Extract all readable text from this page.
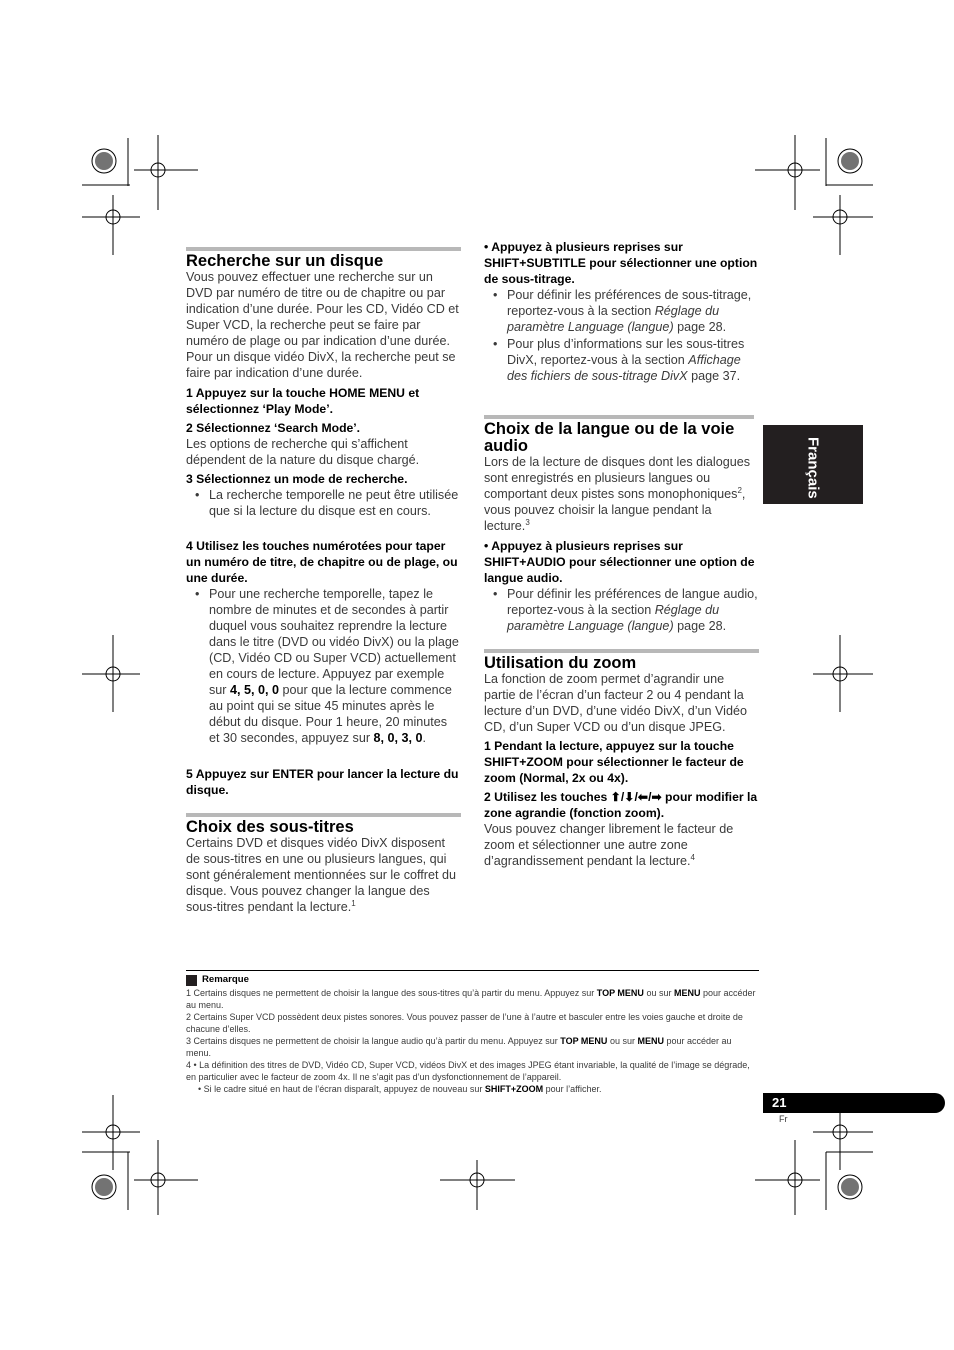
Recherche sur un disque

Vous pouvez effectuer une recherche sur un DVD par numéro de titre ou de chapitre ou par indication d’une durée. Pour les CD, Vidéo CD et Super VCD, la recherche peut se faire par numéro de plage ou par indication d’une durée. Pour un disque vidéo DivX, la recherche peut se faire par indication d’une durée.

1 Appuyez sur la touche HOME MENU et sélectionnez ‘Play Mode’.

2 Sélectionnez ‘Search Mode’.

Les options de recherche qui s’affichent dépendent de la nature du disque chargé.

3 Sélectionnez un mode de recherche.

• La recherche temporelle ne peut être utilisée que si la lecture du disque est en cours.

4 Utilisez les touches numérotées pour taper un numéro de titre, de chapitre ou de plage, ou une durée.

• Pour une recherche temporelle, tapez le nombre de minutes et de secondes à partir duquel vous souhaitez reprendre la lecture dans le titre (DVD ou vidéo DivX) ou la plage (CD, Vidéo CD ou Super VCD) actuellement en cours de lecture. Appuyez par exemple sur 4, 5, 0, 0 pour que la lecture commence au point qui se situe 45 minutes après le début du disque. Pour 1 heure, 20 minutes et 30 secondes, appuyez sur 8, 0, 3, 0.

5 Appuyez sur ENTER pour lancer la lecture du disque.

Choix des sous-titres

Certains DVD et disques vidéo DivX disposent de sous-titres en une ou plusieurs langues, qui sont généralement mentionnées sur le coffret du disque. Vous pouvez changer la langue des sous-titres pendant la lecture.$^1$

• Appuyez à plusieurs reprises sur SHIFT+SUBTITLE pour sélectionner une option de sous-titrage.

• Pour définir les préférences de sous-titrage, reportez-vous à la section Réglage du paramètre Language (langue) page 28.

• Pour plus d’informations sur les sous-titres DivX, reportez-vous à la section Affichage des fichiers de sous-titrage DivX page 37.

Choix de la langue ou de la voie audio

Lors de la lecture de disques dont les dialogues sont enregistrés en plusieurs langues ou comportant deux pistes sons monophoniques$^2$, vous pouvez choisir la langue pendant la lecture.$^3$

• Appuyez à plusieurs reprises sur SHIFT+AUDIO pour sélectionner une option de langue audio.

• Pour définir les préférences de langue audio, reportez-vous à la section Réglage du paramètre Language (langue) page 28.

Utilisation du zoom

La fonction de zoom permet d’agrandir une partie de l’écran d’un facteur 2 ou 4 pendant la lecture d’un DVD, d’une vidéo DivX, d’un Vidéo CD, d’un Super VCD ou d’un disque JPEG.

1 Pendant la lecture, appuyez sur la touche SHIFT+ZOOM pour sélectionner le facteur de zoom (Normal, 2x ou 4x).

2 Utilisez les touches ⬆/⬇/⬅/➡ pour modifier la zone agrandie (fonction zoom).

Vous pouvez changer librement le facteur de zoom et sélectionner une autre zone d’agrandissement pendant la lecture.$^4$

Français
Remarque

1 Certains disques ne permettent de choisir la langue des sous-titres qu’à partir du menu. Appuyez sur TOP MENU ou sur MENU pour accéder au menu.

2 Certains Super VCD possèdent deux pistes sonores. Vous pouvez passer de l’une à l’autre et basculer entre les voies gauche et droite de chacune d’elles.

3 Certains disques ne permettent de choisir la langue audio qu’à partir du menu. Appuyez sur TOP MENU ou sur MENU pour accéder au menu.

4 • La définition des titres de DVD, Vidéo CD, Super VCD, vidéos DivX et des images JPEG étant invariable, la qualité de l’image se dégrade, en particulier avec le facteur de zoom 4x. Il ne s’agit pas d’un dysfonctionnement de l’appareil.

• Si le cadre situé en haut de l’écran disparaît, appuyez de nouveau sur SHIFT+ZOOM pour l’afficher.

21
Fr
